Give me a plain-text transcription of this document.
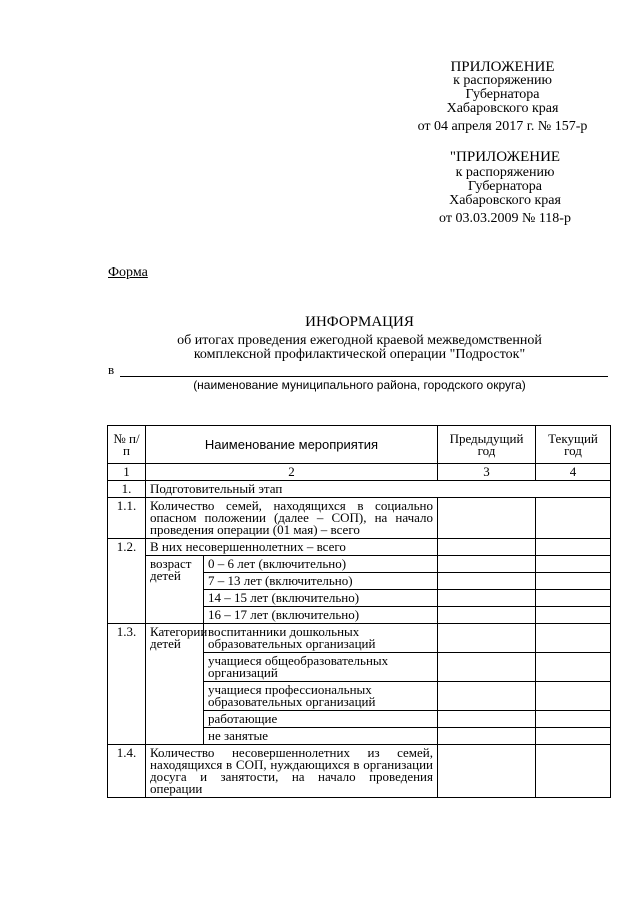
ПРИЛОЖЕНИЕ
к распоряжению
Губернатора
Хабаровского края
от 04 апреля 2017 г. № 157-р
"ПРИЛОЖЕНИЕ
к распоряжению
Губернатора
Хабаровского края
от 03.03.2009 № 118-р
Форма
ИНФОРМАЦИЯ
об итогах проведения ежегодной краевой межведомственной
комплексной профилактической операции "Подросток"
в
(наименование муниципального района, городского округа)
№ п/п	Наименование мероприятия		Предыдущий год	Текущий год
1	2		3	4
1.	Подготовительный этап			
1.1.	Количество семей, находящихся в социально опасном положении (далее – СОП), на начало проведения операции (01 мая) – всего			
1.2.	В них несовершеннолетних – всего			
	возраст детей	0 – 6 лет (включительно)		
		7 – 13 лет (включительно)		
		14 – 15 лет (включительно)		
		16 – 17 лет (включительно)		
1.3.	Категории детей	воспитанники дошкольных образовательных организаций		
		учащиеся общеобразовательных организаций		
		учащиеся профессиональных образовательных организаций		
		работающие		
		не занятые		
1.4.	Количество несовершеннолетних из семей, находящихся в СОП, нуждающихся в организации досуга и занятости, на начало проведения операции			
